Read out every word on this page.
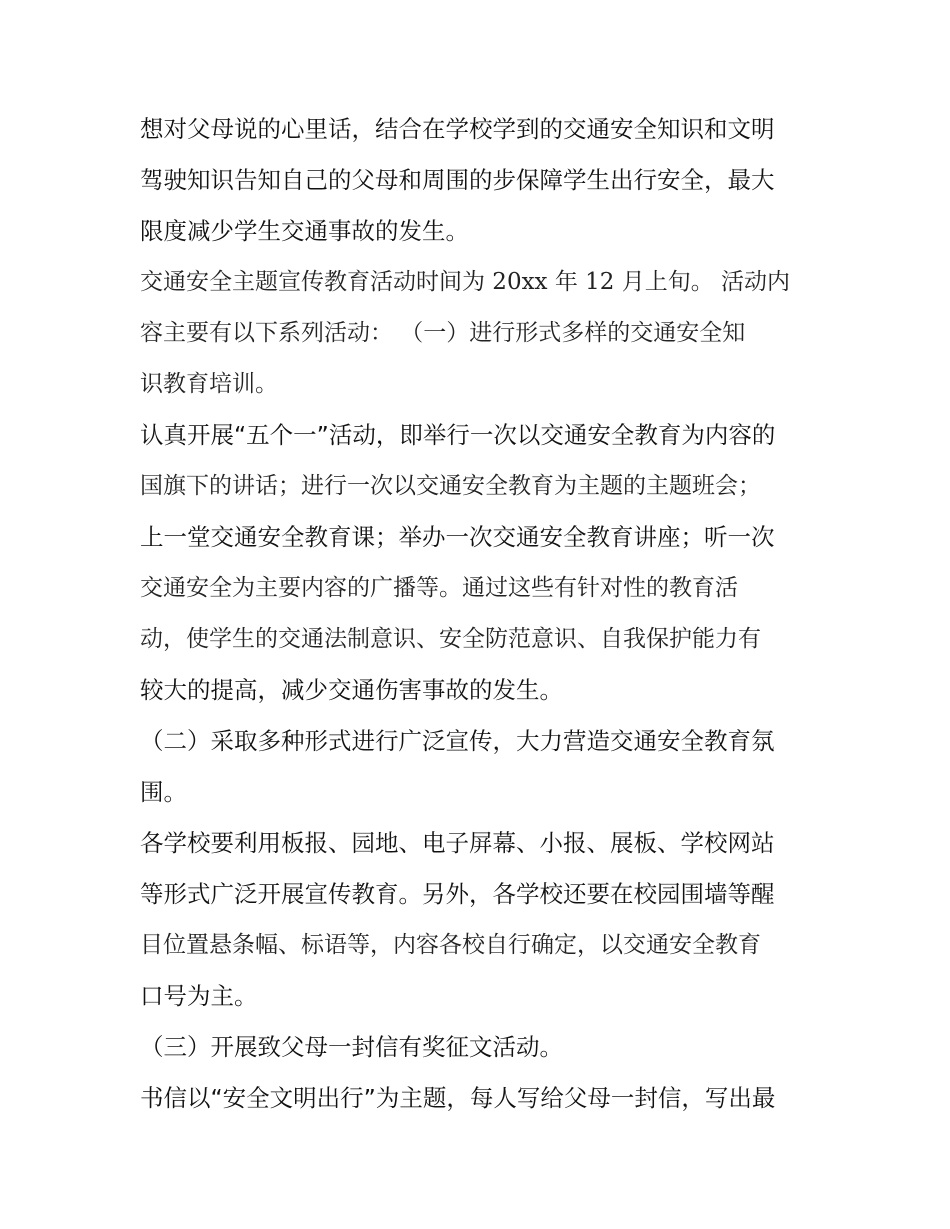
想对父母说的心里话，结合在学校学到的交通安全知识和文明
驾驶知识告知自己的父母和周围的步保障学生出行安全，最大
限度减少学生交通事故的发生。
交通安全主题宣传教育活动时间为 20xx 年 12 月上旬。 活动内
容主要有以下系列活动： （一）进行形式多样的交通安全知
识教育培训。
认真开展“五个一”活动，即举行一次以交通安全教育为内容的
国旗下的讲话；进行一次以交通安全教育为主题的主题班会；
上一堂交通安全教育课；举办一次交通安全教育讲座；听一次
交通安全为主要内容的广播等。通过这些有针对性的教育活
动，使学生的交通法制意识、安全防范意识、自我保护能力有
较大的提高，减少交通伤害事故的发生。
（二）采取多种形式进行广泛宣传，大力营造交通安全教育氛
围。
各学校要利用板报、园地、电子屏幕、小报、展板、学校网站
等形式广泛开展宣传教育。另外，各学校还要在校园围墙等醒
目位置悬条幅、标语等，内容各校自行确定，以交通安全教育
口号为主。
（三）开展致父母一封信有奖征文活动。
书信以“安全文明出行”为主题，每人写给父母一封信，写出最
